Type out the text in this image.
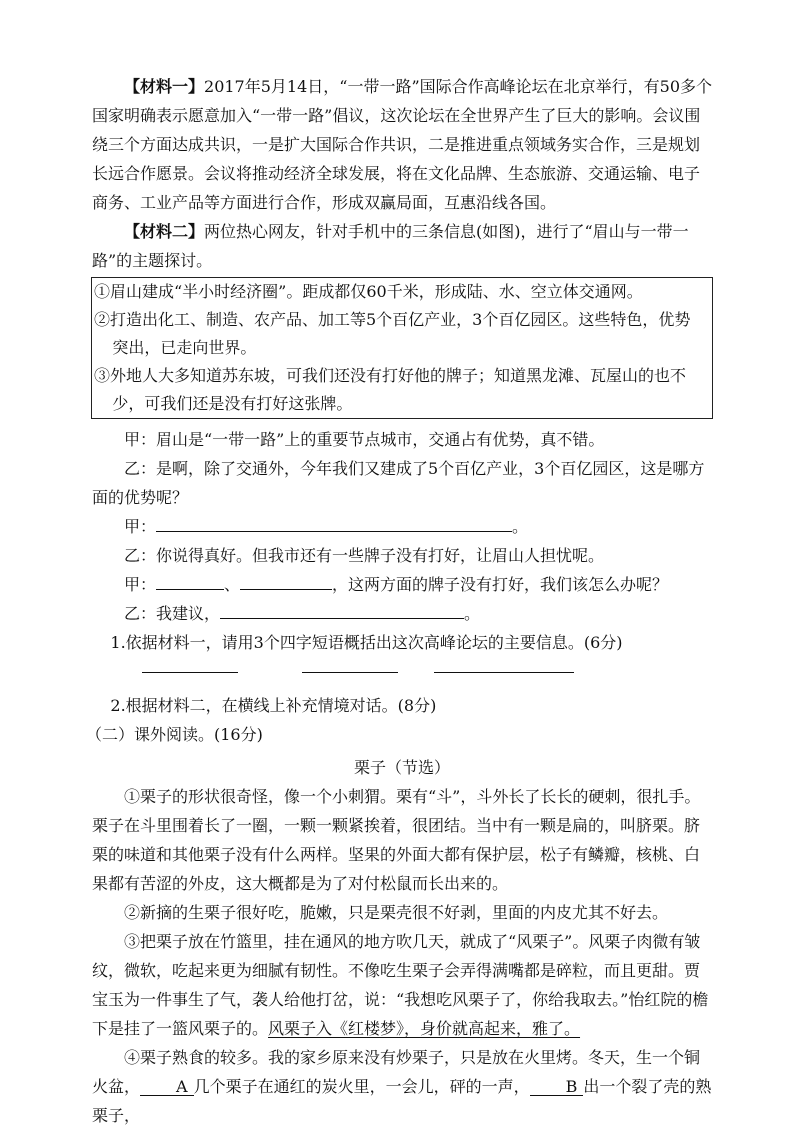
【材料一】2017年5月14日，“一带一路”国际合作高峰论坛在北京举行，有50多个国家明确表示愿意加入“一带一路”倡议，这次论坛在全世界产生了巨大的影响。会议围绕三个方面达成共识，一是扩大国际合作共识，二是推进重点领域务实合作，三是规划长远合作愿景。会议将推动经济全球发展，将在文化品牌、生态旅游、交通运输、电子商务、工业产品等方面进行合作，形成双赢局面，互惠沿线各国。

【材料二】两位热心网友，针对手机中的三条信息(如图)，进行了“眉山与一带一路”的主题探讨。

①眉山建成“半小时经济圈”。距成都仅60千米，形成陆、水、空立体交通网。

②打造出化工、制造、农产品、加工等5个百亿产业，3个百亿园区。这些特色，优势突出，已走向世界。

③外地人大多知道苏东坡，可我们还没有打好他的牌子；知道黑龙滩、瓦屋山的也不少，可我们还是没有打好这张牌。

甲：眉山是“一带一路”上的重要节点城市，交通占有优势，真不错。

乙：是啊，除了交通外，今年我们又建成了5个百亿产业，3个百亿园区，这是哪方面的优势呢？

甲：	。

乙：你说得真好。但我市还有一些牌子没有打好，让眉山人担忧呢。

甲：	、	，这两方面的牌子没有打好，我们该怎么办呢？

乙：我建议，	。

1.依据材料一，请用3个四字短语概括出这次高峰论坛的主要信息。(6分)

2.根据材料二，在横线上补充情境对话。(8分)

（二）课外阅读。(16分)

栗子（节选）

①栗子的形状很奇怪，像一个小刺猬。栗有“斗”，斗外长了长长的硬刺，很扎手。栗子在斗里围着长了一圈，一颗一颗紧挨着，很团结。当中有一颗是扁的，叫脐栗。脐栗的味道和其他栗子没有什么两样。坚果的外面大都有保护层，松子有鳞瓣，核桃、白果都有苦涩的外皮，这大概都是为了对付松鼠而长出来的。

②新摘的生栗子很好吃，脆嫩，只是栗壳很不好剥，里面的内皮尤其不好去。

③把栗子放在竹篮里，挂在通风的地方吹几天，就成了“风栗子”。风栗子肉微有皱纹，微软，吃起来更为细腻有韧性。不像吃生栗子会弄得满嘴都是碎粒，而且更甜。贾宝玉为一件事生了气，袭人给他打岔，说：“我想吃风栗子了，你给我取去。”怡红院的檐下是挂了一篮风栗子的。风栗子入《红楼梦》，身价就高起来，雅了。

④栗子熟食的较多。我的家乡原来没有炒栗子，只是放在火里烤。冬天，生一个铜火盆， A 几个栗子在通红的炭火里，一会儿，砰的一声， B 出一个裂了壳的熟栗子，
